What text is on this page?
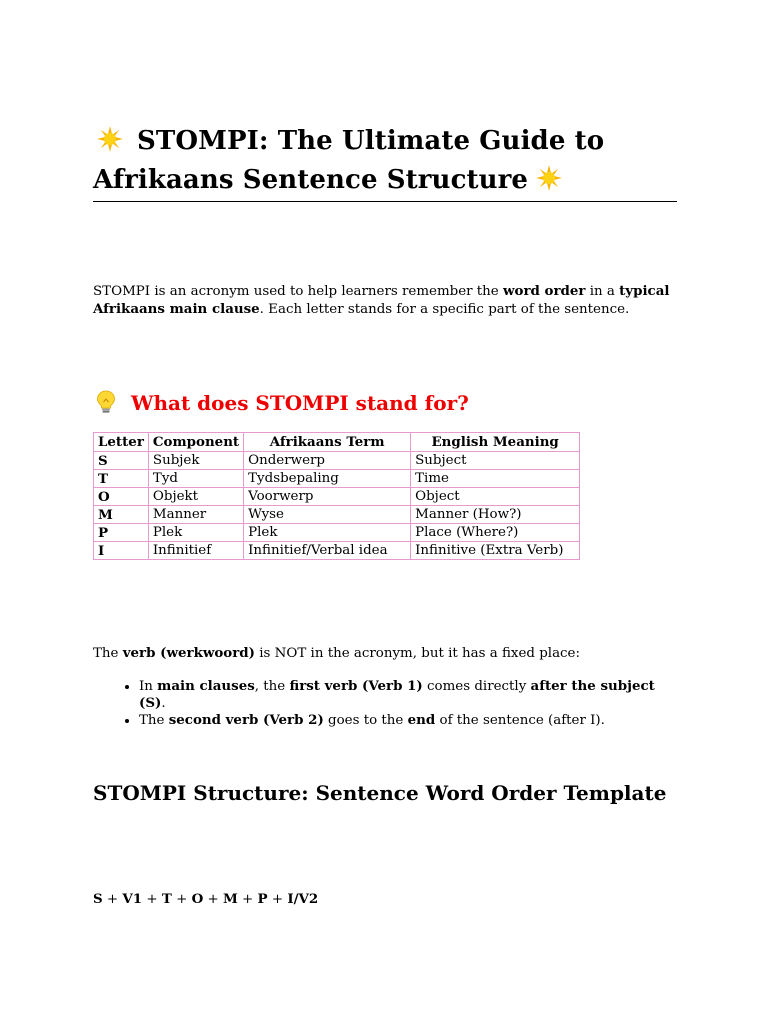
STOMPI: The Ultimate Guide to
Afrikaans Sentence Structure

STOMPI is an acronym used to help learners remember the word order in a typical Afrikaans main clause. Each letter stands for a specific part of the sentence.

What does STOMPI stand for?
Letter	Component	Afrikaans Term	English Meaning
S	Subjek	Onderwerp	Subject
T	Tyd	Tydsbepaling	Time
O	Objekt	Voorwerp	Object
M	Manner	Wyse	Manner (How?)
P	Plek	Plek	Place (Where?)
I	Infinitief	Infinitief/Verbal idea	Infinitive (Extra Verb)

The verb (werkwoord) is NOT in the acronym, but it has a fixed place:

• In main clauses, the first verb (Verb 1) comes directly after the subject (S).
• The second verb (Verb 2) goes to the end of the sentence (after I).
STOMPI Structure: Sentence Word Order Template

S + V1 + T + O + M + P + I/V2
